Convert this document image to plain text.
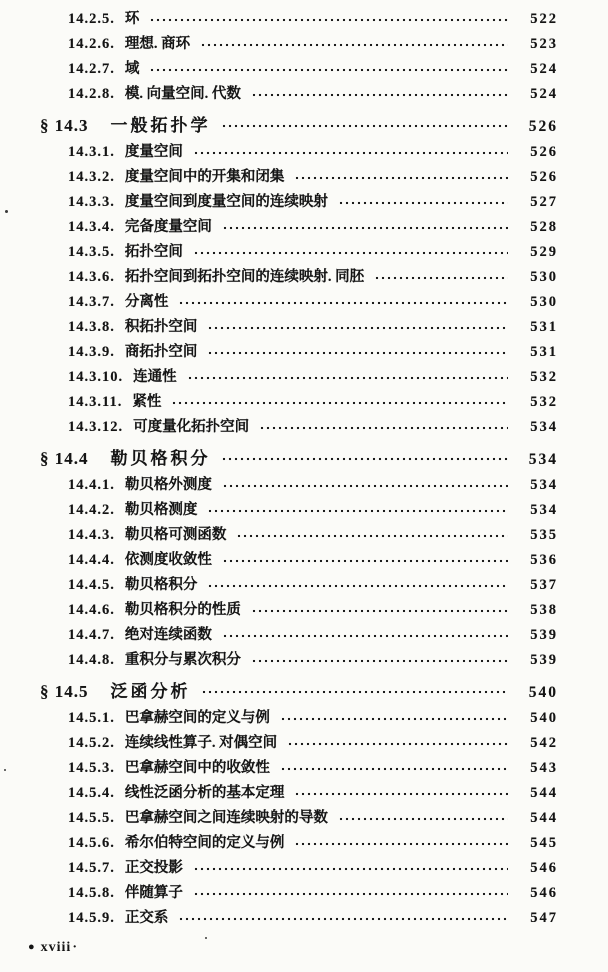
14.2.5. 环	522
14.2.6. 理想. 商环	523
14.2.7. 域	524
14.2.8. 模. 向量空间. 代数	524
§ 14.3 一般拓扑学	526
14.3.1. 度量空间	526
14.3.2. 度量空间中的开集和闭集	526
14.3.3. 度量空间到度量空间的连续映射	527
14.3.4. 完备度量空间	528
14.3.5. 拓扑空间	529
14.3.6. 拓扑空间到拓扑空间的连续映射. 同胚	530
14.3.7. 分离性	530
14.3.8. 积拓扑空间	531
14.3.9. 商拓扑空间	531
14.3.10. 连通性	532
14.3.11. 紧性	532
14.3.12. 可度量化拓扑空间	534
§ 14.4 勒贝格积分	534
14.4.1. 勒贝格外测度	534
14.4.2. 勒贝格测度	534
14.4.3. 勒贝格可测函数	535
14.4.4. 依测度收敛性	536
14.4.5. 勒贝格积分	537
14.4.6. 勒贝格积分的性质	538
14.4.7. 绝对连续函数	539
14.4.8. 重积分与累次积分	539
§ 14.5 泛函分析	540
14.5.1. 巴拿赫空间的定义与例	540
14.5.2. 连续线性算子. 对偶空间	542
14.5.3. 巴拿赫空间中的收敛性	543
14.5.4. 线性泛函分析的基本定理	544
14.5.5. 巴拿赫空间之间连续映射的导数	544
14.5.6. 希尔伯特空间的定义与例	545
14.5.7. 正交投影	546
14.5.8. 伴随算子	546
14.5.9. 正交系	547
● xviii·
